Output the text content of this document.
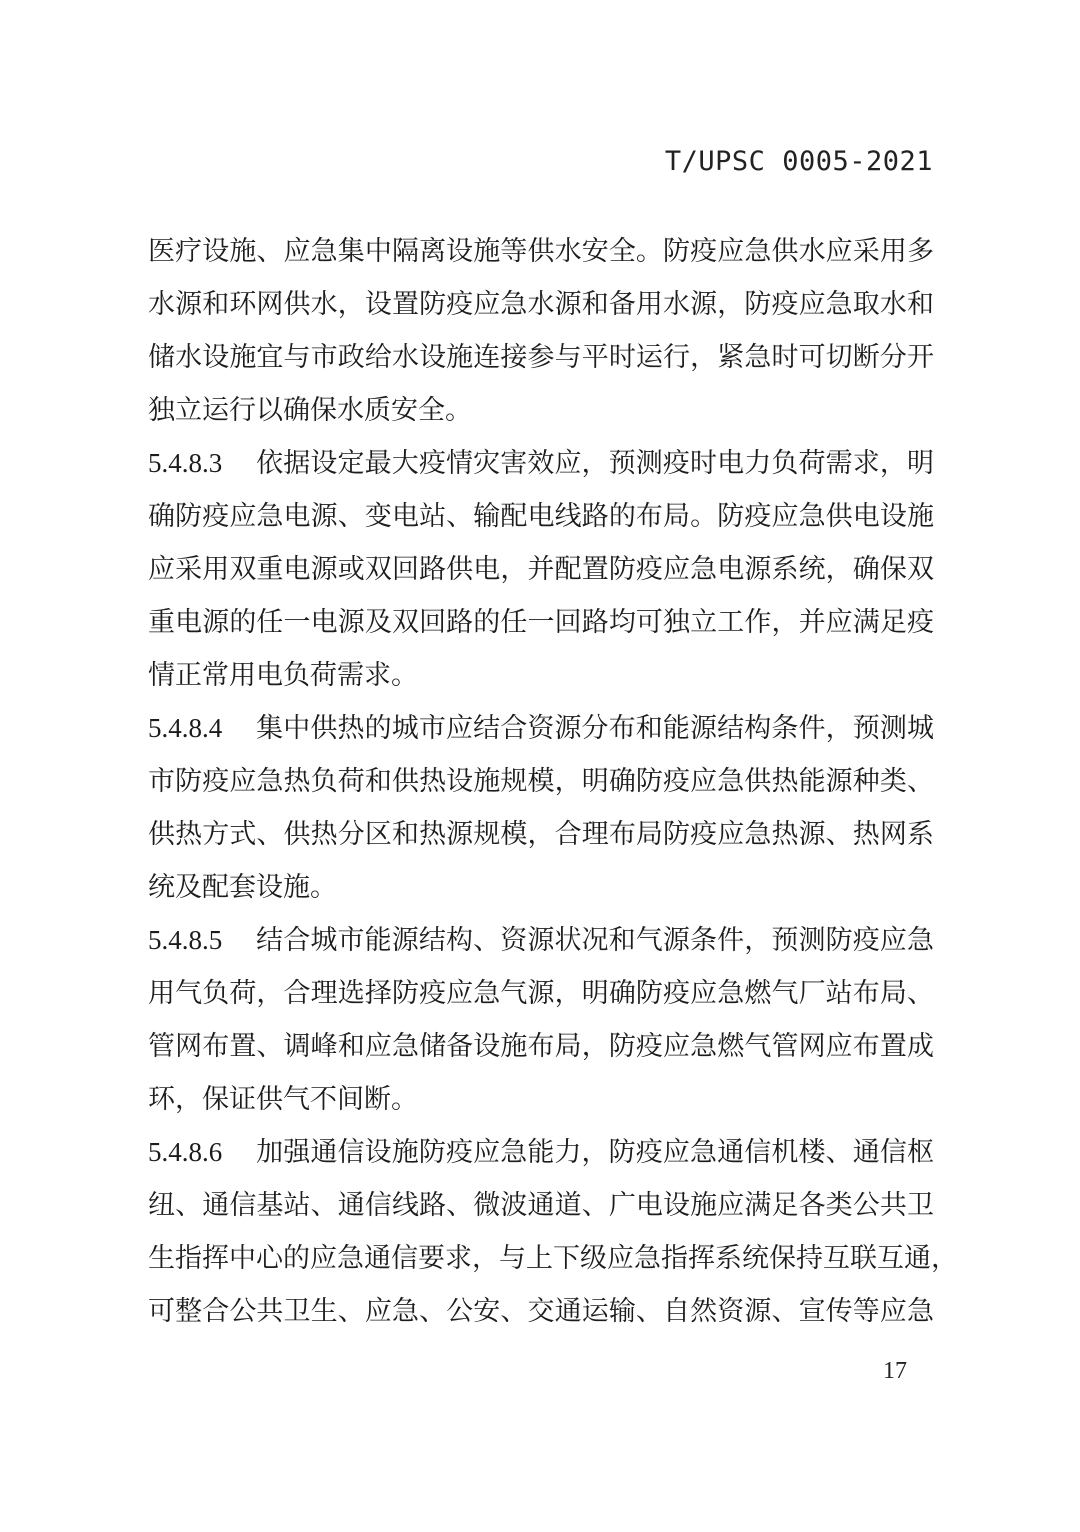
T/UPSC 0005-2021
医疗设施、应急集中隔离设施等供水安全。防疫应急供水应采用多
水源和环网供水，设置防疫应急水源和备用水源，防疫应急取水和
储水设施宜与市政给水设施连接参与平时运行，紧急时可切断分开
独立运行以确保水质安全。
5.4.8.3 依据设定最大疫情灾害效应，预测疫时电力负荷需求，明
确防疫应急电源、变电站、输配电线路的布局。防疫应急供电设施
应采用双重电源或双回路供电，并配置防疫应急电源系统，确保双
重电源的任一电源及双回路的任一回路均可独立工作，并应满足疫
情正常用电负荷需求。
5.4.8.4 集中供热的城市应结合资源分布和能源结构条件，预测城
市防疫应急热负荷和供热设施规模，明确防疫应急供热能源种类、
供热方式、供热分区和热源规模，合理布局防疫应急热源、热网系
统及配套设施。
5.4.8.5 结合城市能源结构、资源状况和气源条件，预测防疫应急
用气负荷，合理选择防疫应急气源，明确防疫应急燃气厂站布局、
管网布置、调峰和应急储备设施布局，防疫应急燃气管网应布置成
环，保证供气不间断。
5.4.8.6 加强通信设施防疫应急能力，防疫应急通信机楼、通信枢
纽、通信基站、通信线路、微波通道、广电设施应满足各类公共卫
生指挥中心的应急通信要求，与上下级应急指挥系统保持互联互通，
可整合公共卫生、应急、公安、交通运输、自然资源、宣传等应急
17
